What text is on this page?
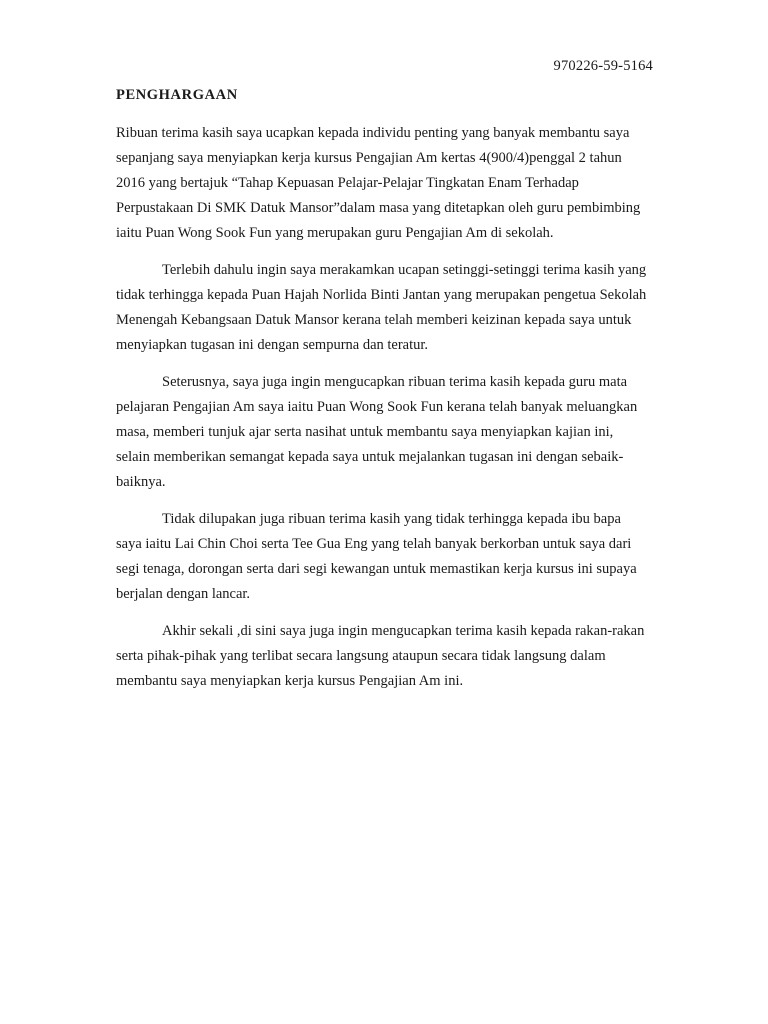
970226-59-5164
PENGHARGAAN

Ribuan terima kasih saya ucapkan kepada individu penting yang banyak membantu saya sepanjang saya menyiapkan kerja kursus Pengajian Am kertas 4(900/4)penggal 2 tahun 2016 yang bertajuk “Tahap Kepuasan Pelajar-Pelajar Tingkatan Enam Terhadap Perpustakaan Di SMK Datuk Mansor”dalam masa yang ditetapkan oleh guru pembimbing iaitu Puan Wong Sook Fun yang merupakan guru Pengajian Am di sekolah.

Terlebih dahulu ingin saya merakamkan ucapan setinggi-setinggi terima kasih yang tidak terhingga kepada Puan Hajah Norlida Binti Jantan yang merupakan pengetua Sekolah Menengah Kebangsaan Datuk Mansor kerana telah memberi keizinan kepada saya untuk menyiapkan tugasan ini dengan sempurna dan teratur.

Seterusnya, saya juga ingin mengucapkan ribuan terima kasih kepada guru mata pelajaran Pengajian Am saya iaitu Puan Wong Sook Fun kerana telah banyak meluangkan masa, memberi tunjuk ajar serta nasihat untuk membantu saya menyiapkan kajian ini, selain memberikan semangat kepada saya untuk mejalankan tugasan ini dengan sebaik-baiknya.

Tidak dilupakan juga ribuan terima kasih yang tidak terhingga kepada ibu bapa saya iaitu Lai Chin Choi serta Tee Gua Eng yang telah banyak berkorban untuk saya dari segi tenaga, dorongan serta dari segi kewangan untuk memastikan kerja kursus ini supaya berjalan dengan lancar.

Akhir sekali ,di sini saya juga ingin mengucapkan terima kasih kepada rakan-rakan serta pihak-pihak yang terlibat secara langsung ataupun secara tidak langsung dalam membantu saya menyiapkan kerja kursus Pengajian Am ini.
